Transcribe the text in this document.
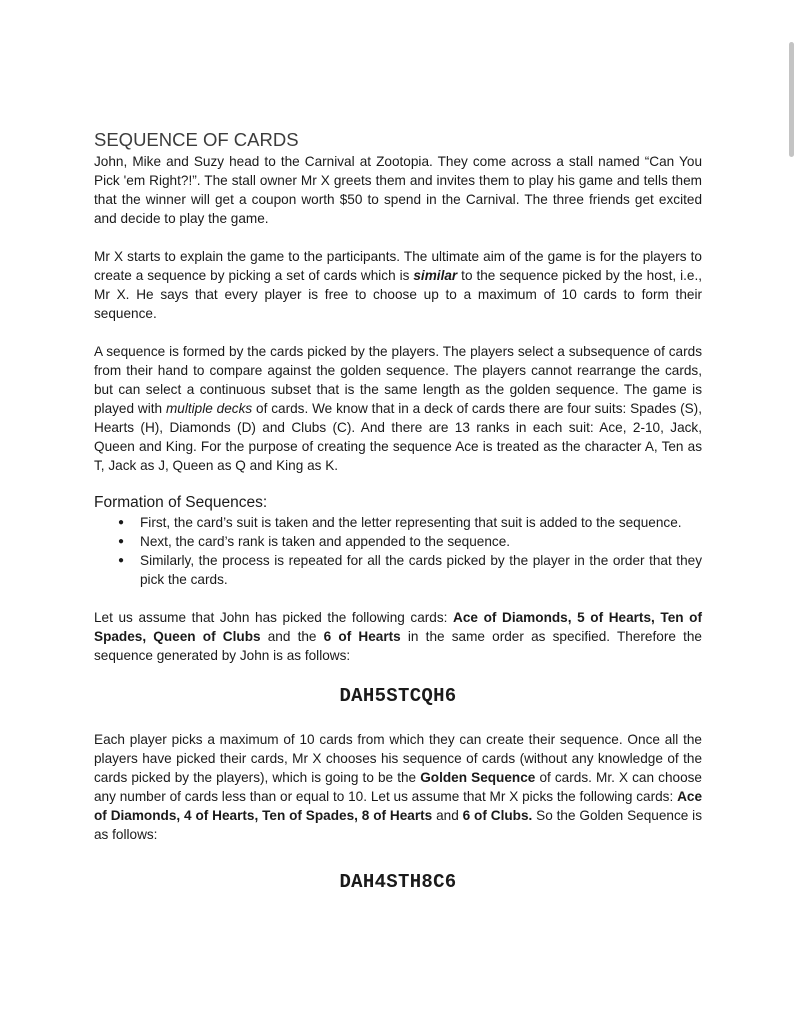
SEQUENCE OF CARDS

John, Mike and Suzy head to the Carnival at Zootopia. They come across a stall named “Can You Pick 'em Right?!”. The stall owner Mr X greets them and invites them to play his game and tells them that the winner will get a coupon worth $50 to spend in the Carnival. The three friends get excited and decide to play the game.

Mr X starts to explain the game to the participants. The ultimate aim of the game is for the players to create a sequence by picking a set of cards which is similar to the sequence picked by the host, i.e., Mr X. He says that every player is free to choose up to a maximum of 10 cards to form their sequence.

A sequence is formed by the cards picked by the players. The players select a subsequence of cards from their hand to compare against the golden sequence. The players cannot rearrange the cards, but can select a continuous subset that is the same length as the golden sequence. The game is played with multiple decks of cards. We know that in a deck of cards there are four suits: Spades (S), Hearts (H), Diamonds (D) and Clubs (C). And there are 13 ranks in each suit: Ace, 2-10, Jack, Queen and King. For the purpose of creating the sequence Ace is treated as the character A, Ten as T, Jack as J, Queen as Q and King as K.

Formation of Sequences:
● First, the card’s suit is taken and the letter representing that suit is added to the sequence.
● Next, the card’s rank is taken and appended to the sequence.
● Similarly, the process is repeated for all the cards picked by the player in the order that they pick the cards.

Let us assume that John has picked the following cards: Ace of Diamonds, 5 of Hearts, Ten of Spades, Queen of Clubs and the 6 of Hearts in the same order as specified. Therefore the sequence generated by John is as follows:

DAH5STCQH6

Each player picks a maximum of 10 cards from which they can create their sequence. Once all the players have picked their cards, Mr X chooses his sequence of cards (without any knowledge of the cards picked by the players), which is going to be the Golden Sequence of cards. Mr. X can choose any number of cards less than or equal to 10. Let us assume that Mr X picks the following cards: Ace of Diamonds, 4 of Hearts, Ten of Spades, 8 of Hearts and 6 of Clubs. So the Golden Sequence is as follows:

DAH4STH8C6
